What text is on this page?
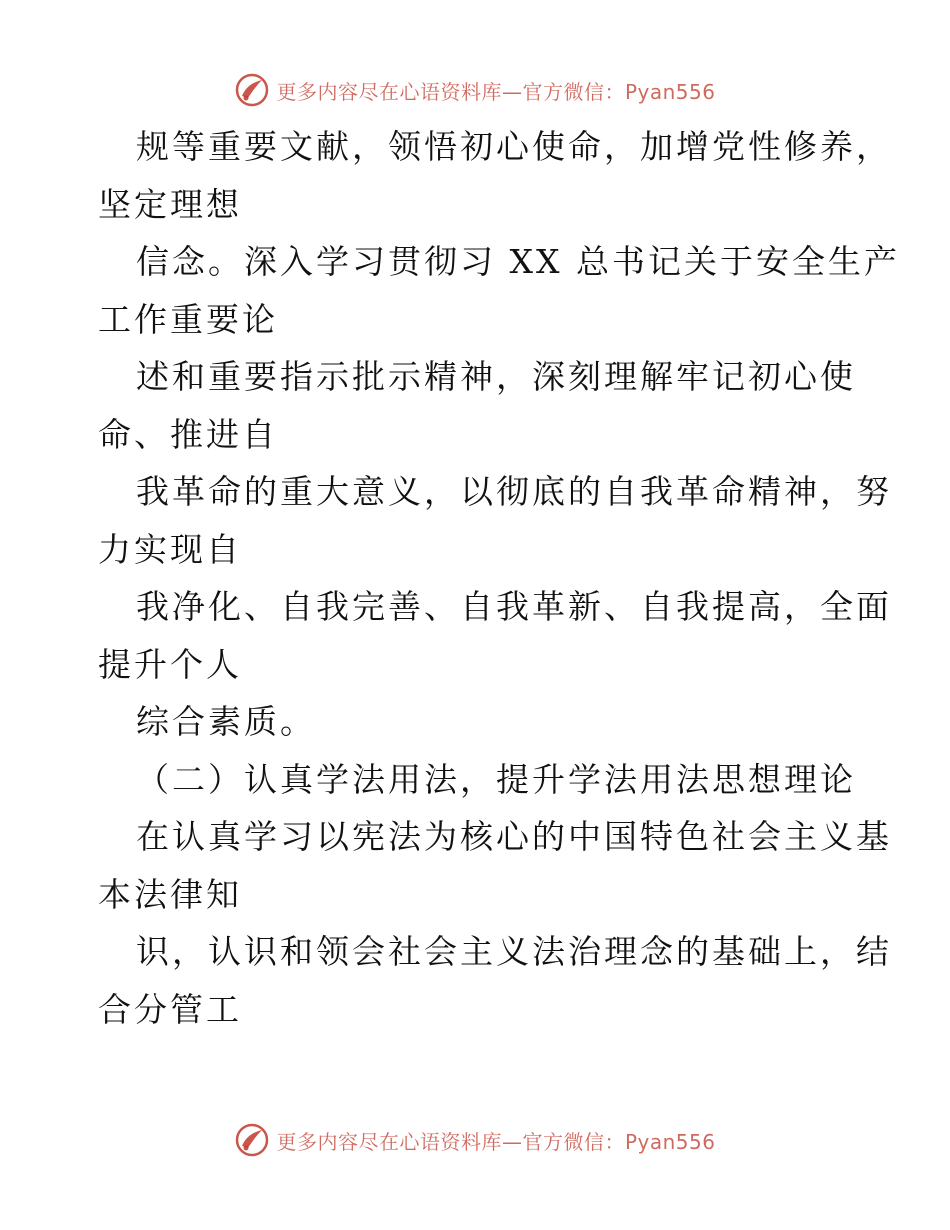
更多内容尽在心语资料库—官方微信：Pyan556
规等重要文献，领悟初心使命，加增党性修养，
坚定理想
信念。深入学习贯彻习 XX 总书记关于安全生产
工作重要论
述和重要指示批示精神，深刻理解牢记初心使
命、推进自
我革命的重大意义，以彻底的自我革命精神，努
力实现自
我净化、自我完善、自我革新、自我提高，全面
提升个人
综合素质。
（二）认真学法用法，提升学法用法思想理论
在认真学习以宪法为核心的中国特色社会主义基
本法律知
识，认识和领会社会主义法治理念的基础上，结
合分管工
更多内容尽在心语资料库—官方微信：Pyan556
